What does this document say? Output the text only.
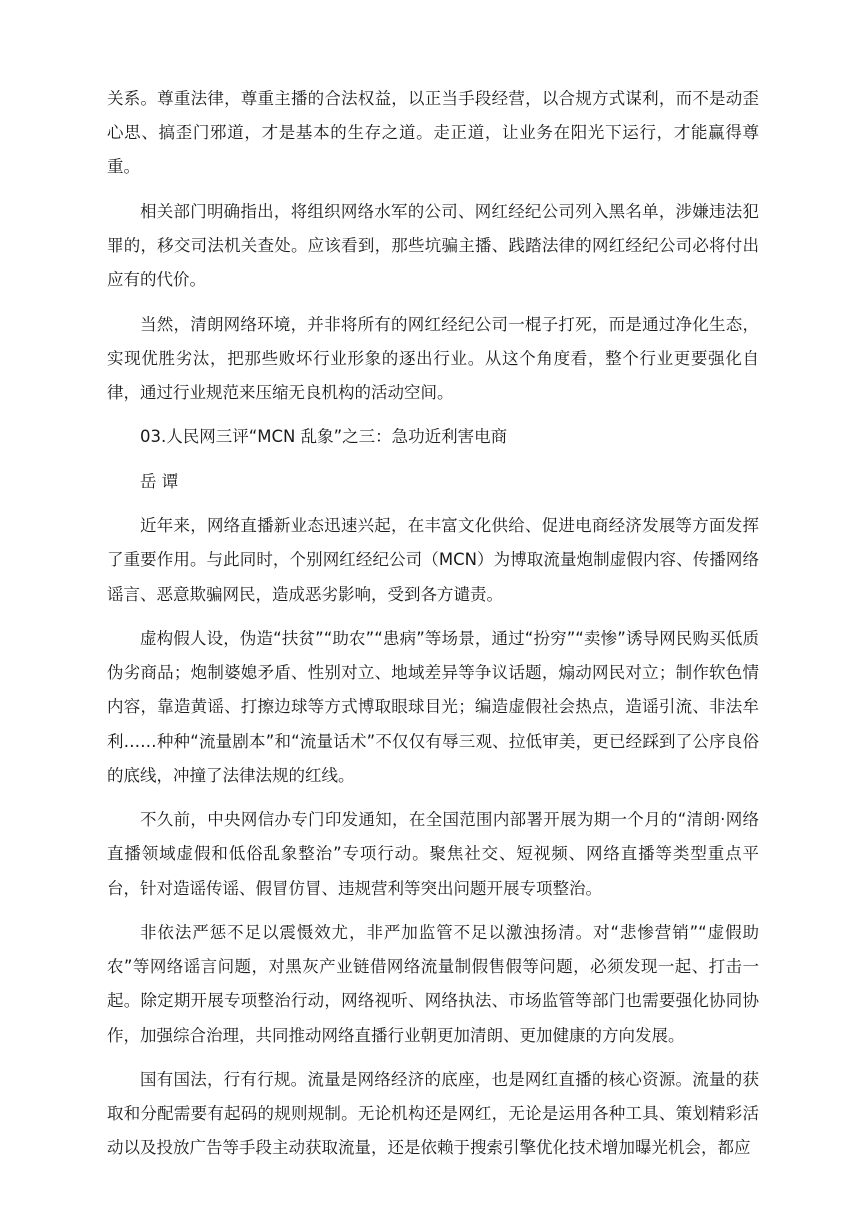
关系。尊重法律，尊重主播的合法权益，以正当手段经营，以合规方式谋利，而不是动歪心思、搞歪门邪道，才是基本的生存之道。走正道，让业务在阳光下运行，才能赢得尊重。

相关部门明确指出，将组织网络水军的公司、网红经纪公司列入黑名单，涉嫌违法犯罪的，移交司法机关查处。应该看到，那些坑骗主播、践踏法律的网红经纪公司必将付出应有的代价。

当然，清朗网络环境，并非将所有的网红经纪公司一棍子打死，而是通过净化生态，实现优胜劣汰，把那些败坏行业形象的逐出行业。从这个角度看，整个行业更要强化自律，通过行业规范来压缩无良机构的活动空间。

03.人民网三评“MCN 乱象”之三：急功近利害电商

岳 谭

近年来，网络直播新业态迅速兴起，在丰富文化供给、促进电商经济发展等方面发挥了重要作用。与此同时，个别网红经纪公司（MCN）为博取流量炮制虚假内容、传播网络谣言、恶意欺骗网民，造成恶劣影响，受到各方谴责。

虚构假人设，伪造“扶贫”“助农”“患病”等场景，通过“扮穷”“卖惨”诱导网民购买低质伪劣商品；炮制婆媳矛盾、性别对立、地域差异等争议话题，煽动网民对立；制作软色情内容，靠造黄谣、打擦边球等方式博取眼球目光；编造虚假社会热点，造谣引流、非法牟利……种种“流量剧本”和“流量话术”不仅仅有辱三观、拉低审美，更已经踩到了公序良俗的底线，冲撞了法律法规的红线。

不久前，中央网信办专门印发通知，在全国范围内部署开展为期一个月的“清朗·网络直播领域虚假和低俗乱象整治”专项行动。聚焦社交、短视频、网络直播等类型重点平台，针对造谣传谣、假冒仿冒、违规营利等突出问题开展专项整治。

非依法严惩不足以震慑效尤，非严加监管不足以激浊扬清。对“悲惨营销”“虚假助农”等网络谣言问题，对黑灰产业链借网络流量制假售假等问题，必须发现一起、打击一起。除定期开展专项整治行动，网络视听、网络执法、市场监管等部门也需要强化协同协作，加强综合治理，共同推动网络直播行业朝更加清朗、更加健康的方向发展。

国有国法，行有行规。流量是网络经济的底座，也是网红直播的核心资源。流量的获取和分配需要有起码的规则规制。无论机构还是网红，无论是运用各种工具、策划精彩活动以及投放广告等手段主动获取流量，还是依赖于搜索引擎优化技术增加曝光机会，都应
